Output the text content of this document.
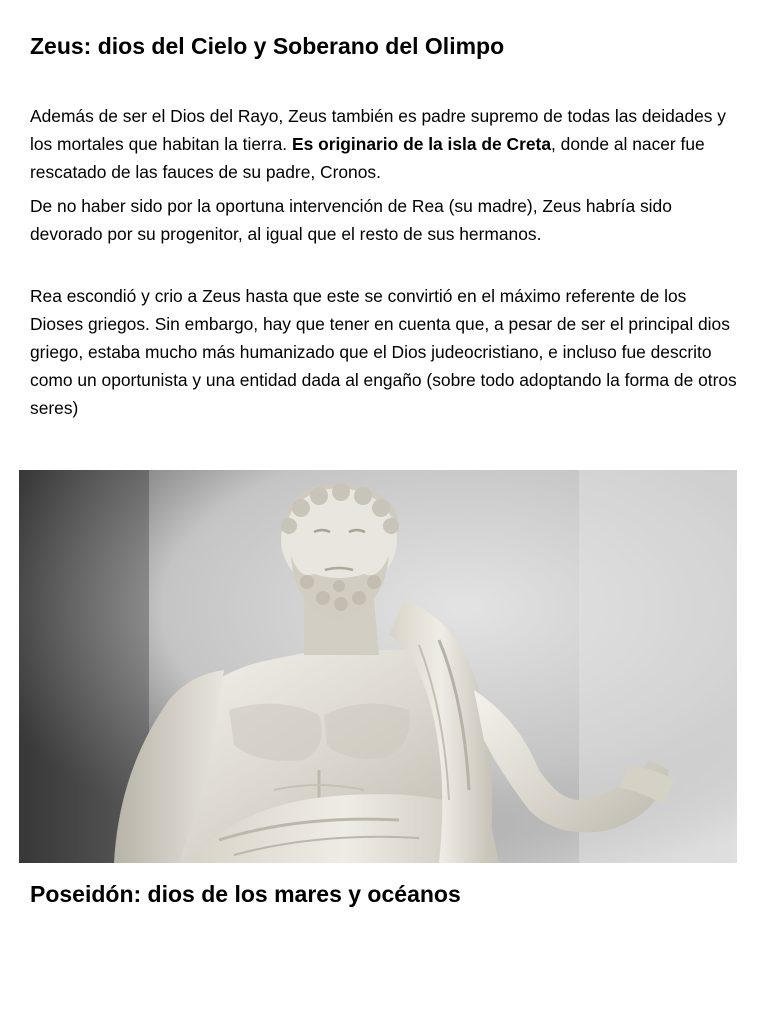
Zeus: dios del Cielo y Soberano del Olimpo

Además de ser el Dios del Rayo, Zeus también es padre supremo de todas las deidades y los mortales que habitan la tierra. Es originario de la isla de Creta, donde al nacer fue rescatado de las fauces de su padre, Cronos.

De no haber sido por la oportuna intervención de Rea (su madre), Zeus habría sido devorado por su progenitor, al igual que el resto de sus hermanos.

Rea escondió y crio a Zeus hasta que este se convirtió en el máximo referente de los Dioses griegos. Sin embargo, hay que tener en cuenta que, a pesar de ser el principal dios griego, estaba mucho más humanizado que el Dios judeocristiano, e incluso fue descrito como un oportunista y una entidad dada al engaño (sobre todo adoptando la forma de otros seres)

Poseidón: dios de los mares y océanos
